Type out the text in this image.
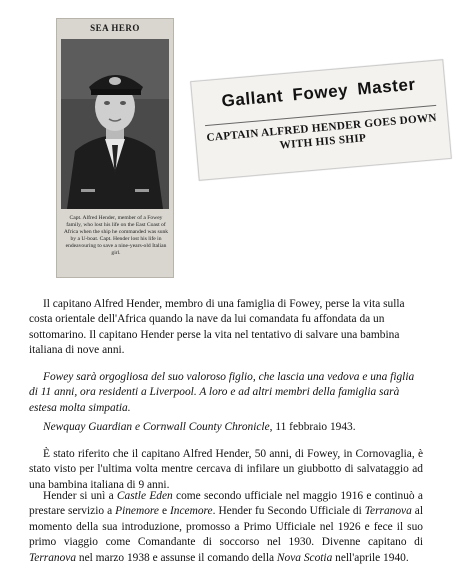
SEA HERO
Capt. Alfred Hender, member of a Fowey family, who lost his life on the East Coast of Africa when the ship he commanded was sunk by a U-boat. Capt. Hender lost his life in endeavouring to save a nine-years-old Italian girl.
Gallant Fowey Master
CAPTAIN ALFRED HENDER GOES DOWN WITH HIS SHIP
Il capitano Alfred Hender, membro di una famiglia di Fowey, perse la vita sulla costa orientale dell'Africa quando la nave da lui comandata fu affondata da un sottomarino. Il capitano Hender perse la vita nel tentativo di salvare una bambina italiana di nove anni.
Fowey sarà orgogliosa del suo valoroso figlio, che lascia una vedova e una figlia di 11 anni, ora residenti a Liverpool. A loro e ad altri membri della famiglia sarà estesa molta simpatia.
Newquay Guardian e Cornwall County Chronicle, 11 febbraio 1943.
È stato riferito che il capitano Alfred Hender, 50 anni, di Fowey, in Cornovaglia, è stato visto per l'ultima volta mentre cercava di infilare un giubbotto di salvataggio ad una bambina italiana di 9 anni.
Hender si unì a Castle Eden come secondo ufficiale nel maggio 1916 e continuò a prestare servizio a Pinemore e Incemore. Hender fu Secondo Ufficiale di Terranova al momento della sua introduzione, promosso a Primo Ufficiale nel 1926 e fece il suo primo viaggio come Comandante di soccorso nel 1930. Divenne capitano di Terranova nel marzo 1938 e assunse il comando della Nova Scotia nell'aprile 1940.
